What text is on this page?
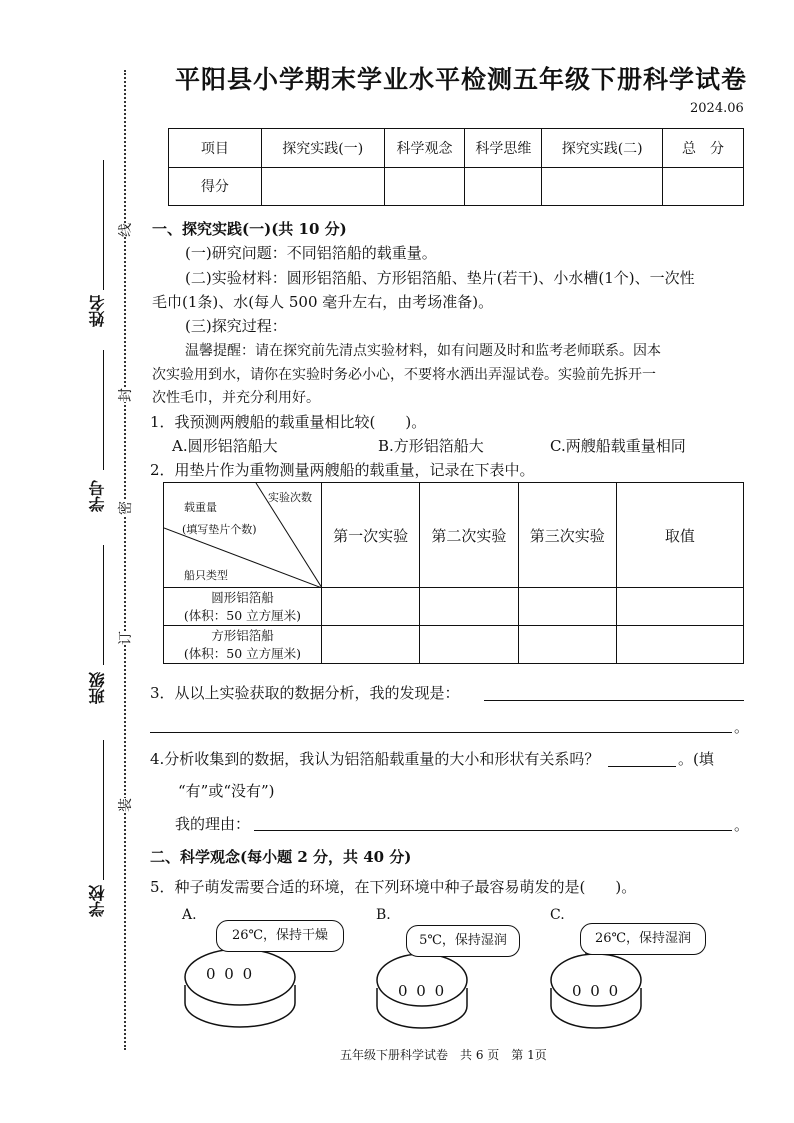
姓名
学号
班级
学校
线
封
密
订
装
平阳县小学期末学业水平检测五年级下册科学试卷
2024.06
项目	探究实践(一)	科学观念	科学思维	探究实践(二)	总　分
得分					
一、探究实践(一)(共 10 分)
(一)研究问题：不同铝箔船的载重量。
(二)实验材料：圆形铝箔船、方形铝箔船、垫片(若干)、小水槽(1个)、一次性
毛巾(1条)、水(每人 500 毫升左右，由考场准备)。
(三)探究过程：
温馨提醒：请在探究前先清点实验材料，如有问题及时和监考老师联系。因本
次实验用到水，请你在实验时务必小心，不要将水洒出弄湿试卷。实验前先拆开一
次性毛巾，并充分利用好。
1．我预测两艘船的载重量相比较(　　)。
A.圆形铝箔船大	B.方形铝箔船大	C.两艘船载重量相同
2．用垫片作为重物测量两艘船的载重量，记录在下表中。
实验次数
载重量
(填写垫片个数)
船只类型	第一次实验	第二次实验	第三次实验	取值

圆形铝箔船
(体积：50 立方厘米)				

方形铝箔船
(体积：50 立方厘米)				

3．从以上实验获取的数据分析，我的发现是：
。
4.分析收集到的数据，我认为铝箔船载重量的大小和形状有关系吗？	。(填
“有”或“没有”)
我的理由：	。
二、科学观念(每小题 2 分，共 40 分)
5．种子萌发需要合适的环境，在下列环境中种子最容易萌发的是(　　)。
A.
26℃，保持干燥
0 0 0
B.
5℃，保持湿润
0 0 0
C.
26℃，保持湿润
0 0 0
五年级下册科学试卷　共 6 页　第 1页
